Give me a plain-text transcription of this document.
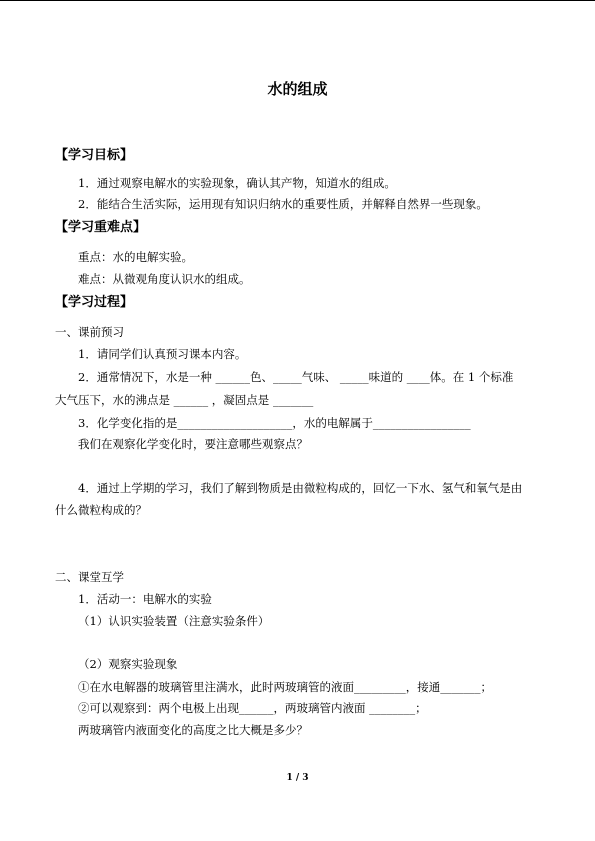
水的组成
【学习目标】
1．通过观察电解水的实验现象，确认其产物，知道水的组成。
2．能结合生活实际，运用现有知识归纳水的重要性质，并解释自然界一些现象。
【学习重难点】
重点：水的电解实验。
难点：从微观角度认识水的组成。
【学习过程】
一、课前预习
1．请同学们认真预习课本内容。
2．通常情况下，水是一种 ______色、_____气味、 _____味道的 ____体。在 1 个标准
大气压下，水的沸点是 ______ ，凝固点是 _______
3．化学变化指的是____________________，水的电解属于_________________
我们在观察化学变化时，要注意哪些观察点？
4．通过上学期的学习，我们了解到物质是由微粒构成的，回忆一下水、氢气和氧气是由
什么微粒构成的？
二、课堂互学
1．活动一：电解水的实验
（1）认识实验装置（注意实验条件）
（2）观察实验现象
①在水电解器的玻璃管里注满水，此时两玻璃管的液面_________，接通_______；
②可以观察到：两个电极上出现______，两玻璃管内液面 ________；
两玻璃管内液面变化的高度之比大概是多少？
1 / 3
